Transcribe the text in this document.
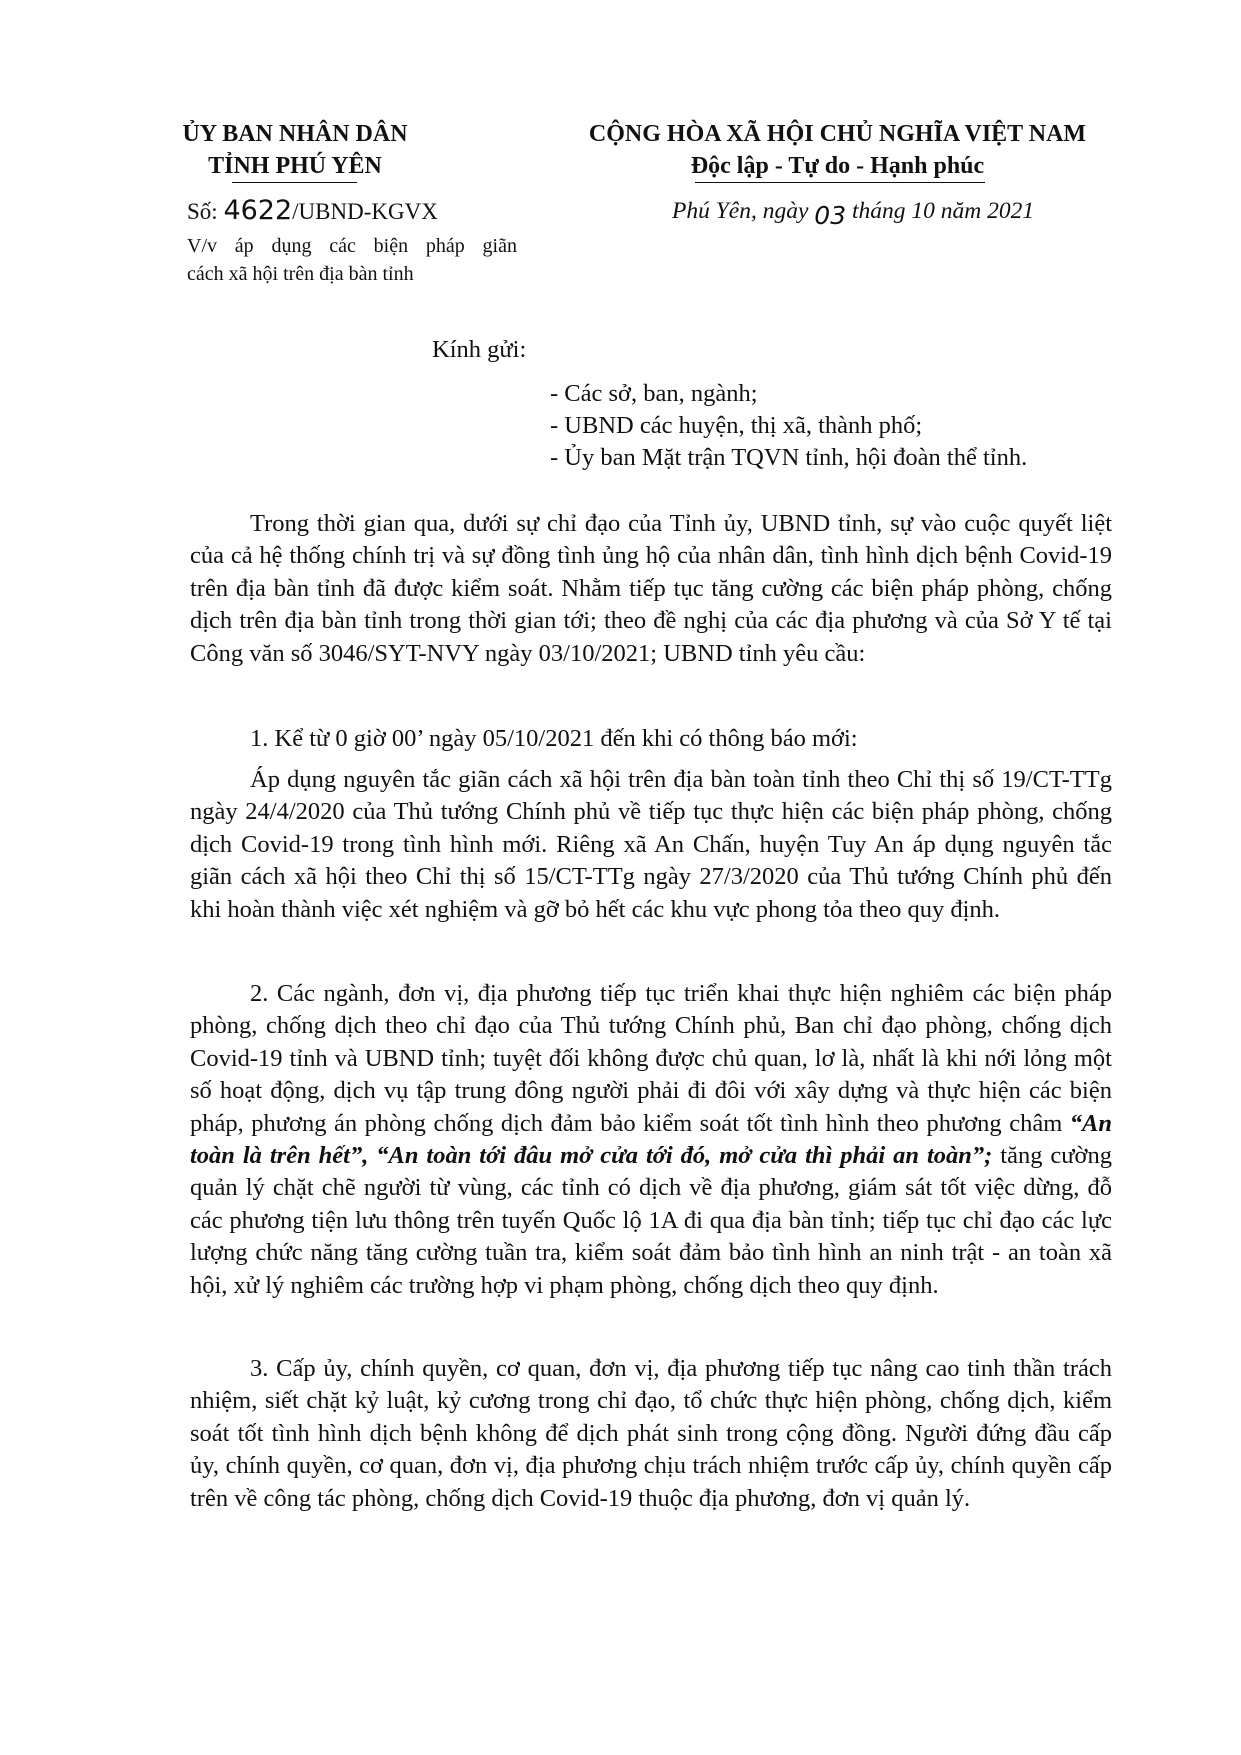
ỦY BAN NHÂN DÂN
TỈNH PHÚ YÊN
CỘNG HÒA XÃ HỘI CHỦ NGHĨA VIỆT NAM
Độc lập - Tự do - Hạnh phúc
Số: 4622/UBND-KGVX	Phú Yên, ngày 03 tháng 10 năm 2021
V/v áp dụng các biện pháp giãn
cách xã hội trên địa bàn tỉnh
Kính gửi:
- Các sở, ban, ngành;
- UBND các huyện, thị xã, thành phố;
- Ủy ban Mặt trận TQVN tỉnh, hội đoàn thể tỉnh.
Trong thời gian qua, dưới sự chỉ đạo của Tỉnh ủy, UBND tỉnh, sự vào cuộc quyết liệt của cả hệ thống chính trị và sự đồng tình ủng hộ của nhân dân, tình hình dịch bệnh Covid-19 trên địa bàn tỉnh đã được kiểm soát. Nhằm tiếp tục tăng cường các biện pháp phòng, chống dịch trên địa bàn tỉnh trong thời gian tới; theo đề nghị của các địa phương và của Sở Y tế tại Công văn số 3046/SYT-NVY ngày 03/10/2021; UBND tỉnh yêu cầu:
1. Kể từ 0 giờ 00’ ngày 05/10/2021 đến khi có thông báo mới:
Áp dụng nguyên tắc giãn cách xã hội trên địa bàn toàn tỉnh theo Chỉ thị số 19/CT-TTg ngày 24/4/2020 của Thủ tướng Chính phủ về tiếp tục thực hiện các biện pháp phòng, chống dịch Covid-19 trong tình hình mới. Riêng xã An Chấn, huyện Tuy An áp dụng nguyên tắc giãn cách xã hội theo Chỉ thị số 15/CT-TTg ngày 27/3/2020 của Thủ tướng Chính phủ đến khi hoàn thành việc xét nghiệm và gỡ bỏ hết các khu vực phong tỏa theo quy định.
2. Các ngành, đơn vị, địa phương tiếp tục triển khai thực hiện nghiêm các biện pháp phòng, chống dịch theo chỉ đạo của Thủ tướng Chính phủ, Ban chỉ đạo phòng, chống dịch Covid-19 tỉnh và UBND tỉnh; tuyệt đối không được chủ quan, lơ là, nhất là khi nới lỏng một số hoạt động, dịch vụ tập trung đông người phải đi đôi với xây dựng và thực hiện các biện pháp, phương án phòng chống dịch đảm bảo kiểm soát tốt tình hình theo phương châm “An toàn là trên hết”, “An toàn tới đâu mở cửa tới đó, mở cửa thì phải an toàn”; tăng cường quản lý chặt chẽ người từ vùng, các tỉnh có dịch về địa phương, giám sát tốt việc dừng, đỗ các phương tiện lưu thông trên tuyến Quốc lộ 1A đi qua địa bàn tỉnh; tiếp tục chỉ đạo các lực lượng chức năng tăng cường tuần tra, kiểm soát đảm bảo tình hình an ninh trật - an toàn xã hội, xử lý nghiêm các trường hợp vi phạm phòng, chống dịch theo quy định.
3. Cấp ủy, chính quyền, cơ quan, đơn vị, địa phương tiếp tục nâng cao tinh thần trách nhiệm, siết chặt kỷ luật, kỷ cương trong chỉ đạo, tổ chức thực hiện phòng, chống dịch, kiểm soát tốt tình hình dịch bệnh không để dịch phát sinh trong cộng đồng. Người đứng đầu cấp ủy, chính quyền, cơ quan, đơn vị, địa phương chịu trách nhiệm trước cấp ủy, chính quyền cấp trên về công tác phòng, chống dịch Covid-19 thuộc địa phương, đơn vị quản lý.
